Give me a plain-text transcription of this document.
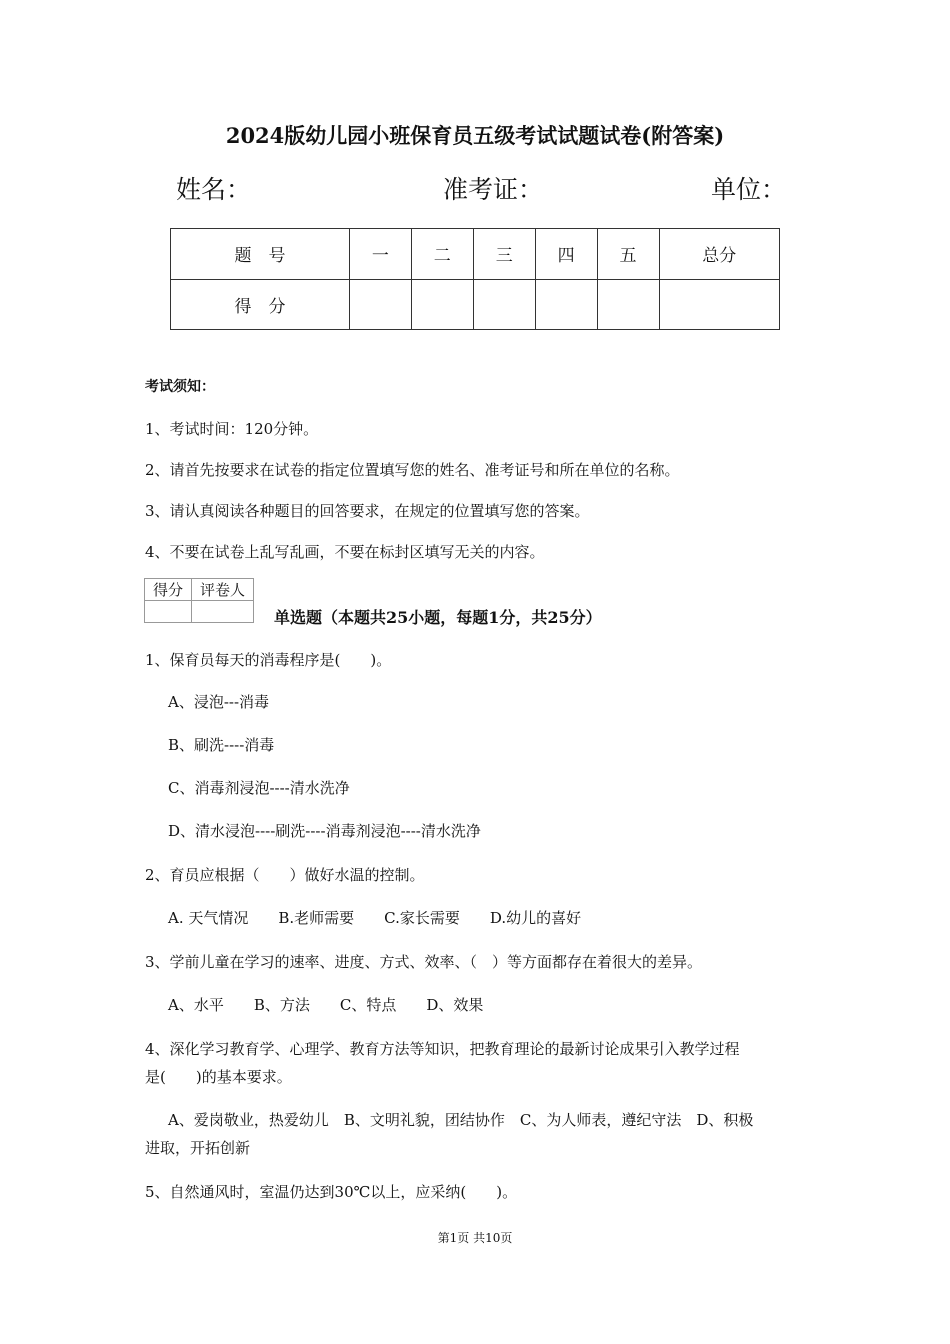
2024版幼儿园小班保育员五级考试试题试卷(附答案)
姓名：	准考证：	单位：
题　号	一	二	三	四	五	总分
得　分						
考试须知：
1、考试时间：120分钟。
2、请首先按要求在试卷的指定位置填写您的姓名、准考证号和所在单位的名称。
3、请认真阅读各种题目的回答要求，在规定的位置填写您的答案。
4、不要在试卷上乱写乱画，不要在标封区填写无关的内容。
得分	评卷人

单选题（本题共25小题，每题1分，共25分）
1、保育员每天的消毒程序是(　　)。
A、浸泡---消毒
B、刷洗----消毒
C、消毒剂浸泡----清水洗净
D、清水浸泡----刷洗----消毒剂浸泡----清水洗净
2、育员应根据（　　）做好水温的控制。
A. 天气情况　　B.老师需要　　C.家长需要　　D.幼儿的喜好
3、学前儿童在学习的速率、进度、方式、效率、（　）等方面都存在着很大的差异。
A、水平　　B、方法　　C、特点　　D、效果
4、深化学习教育学、心理学、教育方法等知识，把教育理论的最新讨论成果引入教学过程
是(　　)的基本要求。
A、爱岗敬业，热爱幼儿　B、文明礼貌，团结协作　C、为人师表，遵纪守法　D、积极
进取，开拓创新
5、自然通风时，室温仍达到30℃以上，应采纳(　　)。
第1页 共10页
